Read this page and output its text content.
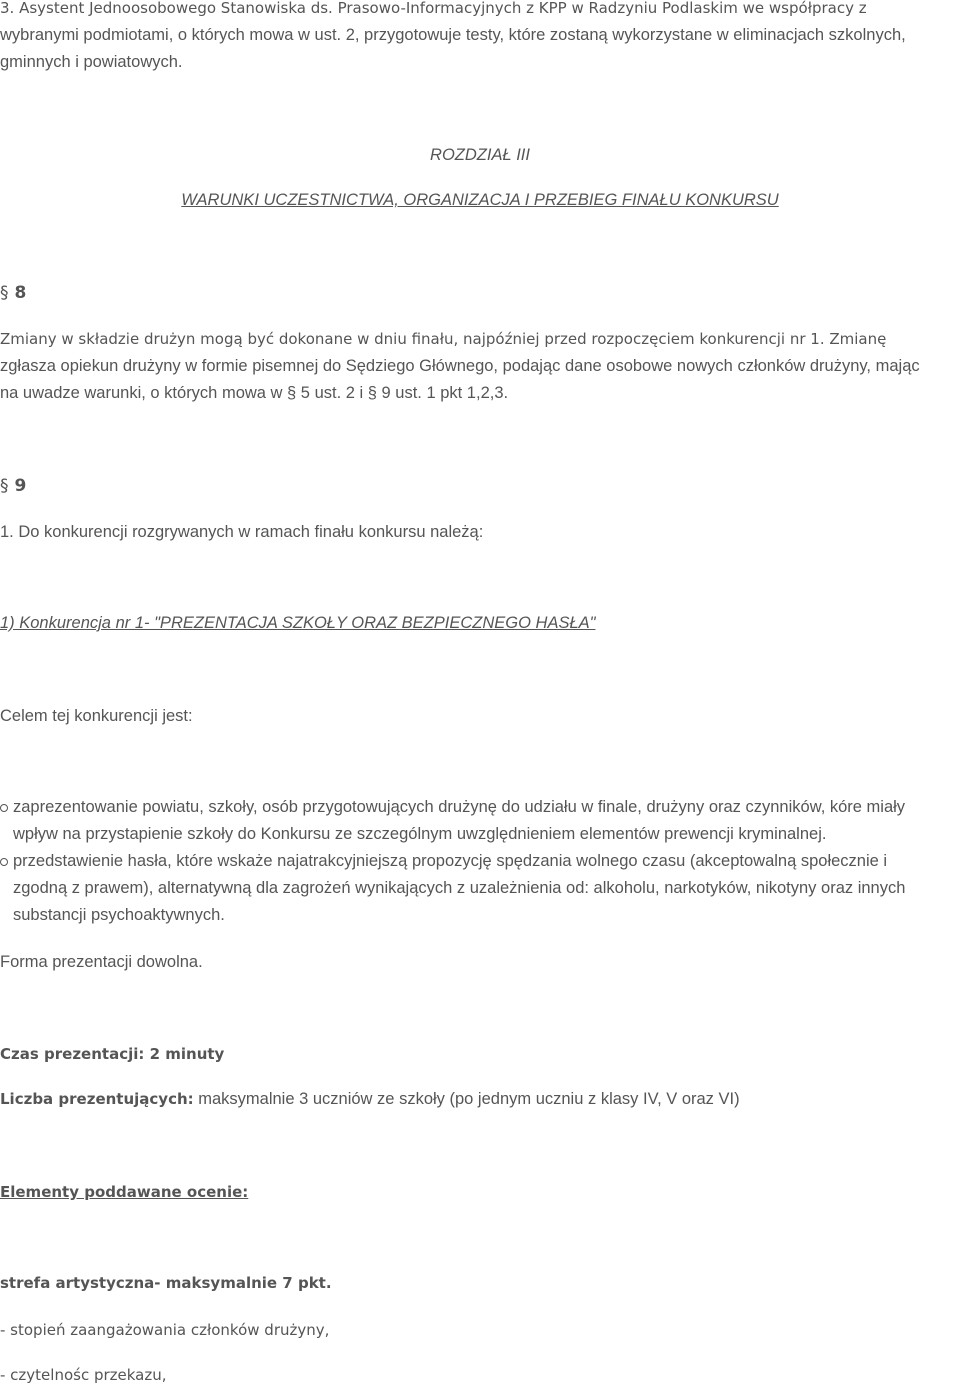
3. Asystent Jednoosobowego Stanowiska ds. Prasowo-Informacyjnych z KPP w Radzyniu Podlaskim we współpracy z
wybranymi podmiotami, o których mowa w ust. 2, przygotowuje testy, które zostaną wykorzystane w eliminacjach szkolnych,
gminnych i powiatowych.
ROZDZIAŁ III
WARUNKI UCZESTNICTWA, ORGANIZACJA I PRZEBIEG FINAŁU KONKURSU
§ 8
Zmiany w składzie drużyn mogą być dokonane w dniu finału, najpóźniej przed rozpoczęciem konkurencji nr 1. Zmianę
zgłasza opiekun drużyny w formie pisemnej do Sędziego Głównego, podając dane osobowe nowych członków drużyny, mając
na uwadze warunki, o których mowa w § 5 ust. 2 i § 9 ust. 1 pkt 1,2,3.
§ 9
1. Do konkurencji rozgrywanych w ramach finału konkursu należą:
1) Konkurencja nr 1- "PREZENTACJA SZKOŁY ORAZ BEZPIECZNEGO HASŁA"
Celem tej konkurencji jest:
zaprezentowanie powiatu, szkoły, osób przygotowujących drużynę do udziału w finale, drużyny oraz czynników, kóre miały
wpływ na przystapienie szkoły do Konkursu ze szczególnym uwzględnieniem elementów prewencji kryminalnej.
przedstawienie hasła, które wskaże najatrakcyjniejszą propozycję spędzania wolnego czasu (akceptowalną społecznie i
zgodną z prawem), alternatywną dla zagrożeń wynikających z uzależnienia od: alkoholu, narkotyków, nikotyny oraz innych
substancji psychoaktywnych.
Forma prezentacji dowolna.
Czas prezentacji: 2 minuty
Liczba prezentujących: maksymalnie 3 uczniów ze szkoły (po jednym uczniu z klasy IV, V oraz VI)
Elementy poddawane ocenie:
strefa artystyczna- maksymalnie 7 pkt.
- stopień zaangażowania członków drużyny,
- czytelnośc przekazu,
